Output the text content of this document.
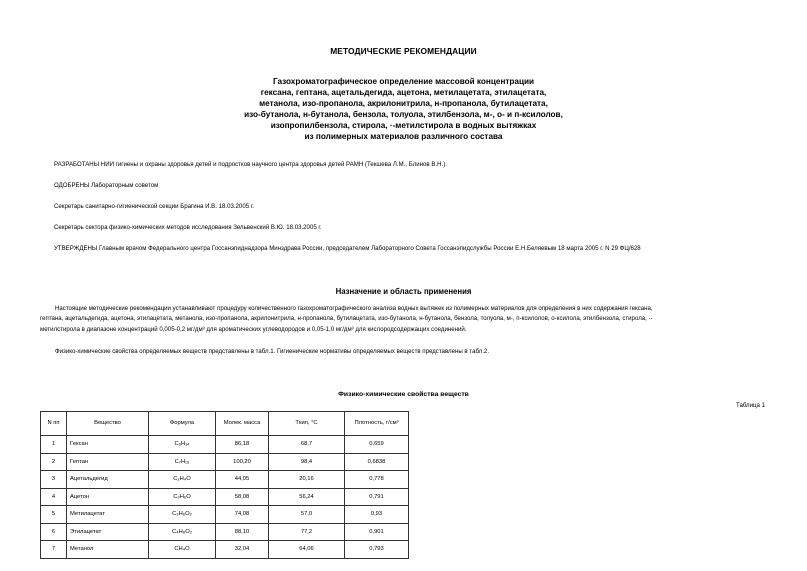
МЕТОДИЧЕСКИЕ РЕКОМЕНДАЦИИ
Газохроматографическое определение массовой концентрации
гексана, гептана, ацетальдегида, ацетона, метилацетата, этилацетата,
метанола, изо-пропанола, акрилонитрила, н-пропанола, бутилацетата,
изо-бутанола, н-бутанола, бензола, толуола, этилбензола, м-, о- и п-ксилолов,
изопропилбензола, стирола, ·-метилстирола в водных вытяжках
из полимерных материалов различного состава
РАЗРАБОТАНЫ НИИ гигиены и охраны здоровья детей и подростков научного центра здоровья детей РАМН (Текшева Л.М., Блинов В.Н.).
ОДОБРЕНЫ Лабораторным советом
Секретарь санитарно-гигиенической секции Брагина И.В. 18.03.2005 г.
Секретарь сектора физико-химических методов исследования Зельвенский В.Ю. 18.03.2005 г.
УТВЕРЖДЕНЫ Главным врачом Федерального центра Госсанэпиднадзора Минздрава России, председателем Лабораторного Совета Госсанэпидслужбы России Е.Н.Беляевым 18 марта 2005 г. N 29 ФЦ/628
Назначение и область применения
Настоящие методические рекомендации устанавливают процедуру количественного газохроматографического анализа водных вытяжек из полимерных материалов для определения в них содержания гексана,
гептана, ацетальдегида, ацетона, этилацетата, метанола, изо-пропанола, акрилонитрила, н-пропанола, бутилацетата, изо-бутанола, н-бутанола, бензола, толуола, м-, п-ксилолов, о-ксилола, этилбензола, стирола, ·-
метилстирола в диапазоне концентраций 0,005-0,2 мг/дм³ для ароматических углеводородов и 0,05-1,0 мг/дм³ для кислородсодержащих соединений.
Физико-химические свойства определяемых веществ представлены в табл.1. Гигиенические нормативы определяемых веществ представлены в табл.2.
Физико-химические свойства веществ
Таблица 1
N пп	Вещество	Формула	Молек. масса	Tкип, °С	Плотность, г/см³
1	Гексан	C₆H₁₄	86,18	68,7	0,659
2	Гептан	C₇H₁₆	100,20	98,4	0,6838
3	Ацетальдегид	C₂H₄O	44,05	20,16	0,778
4	Ацетон	C₃H₆O	58,08	56,24	0,791
5	Метилацетат	C₃H₆O₂	74,08	57,0	0,93
6	Этилацетат	C₄H₈O₂	88,10	77,2	0,901
7	Метанол	CH₄O	32,04	64,06	0,793
